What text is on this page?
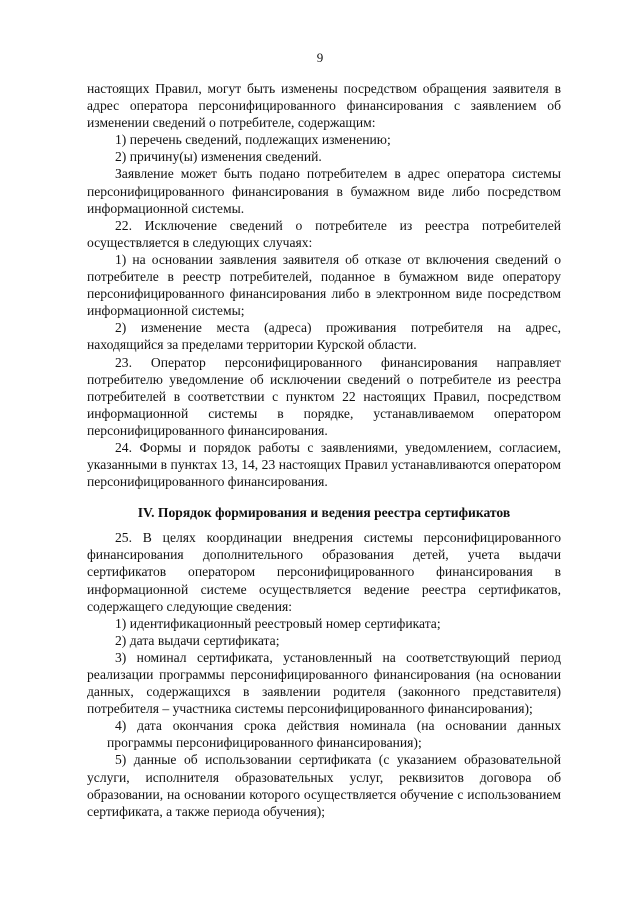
9

настоящих Правил, могут быть изменены посредством обращения заявителя в адрес оператора персонифицированного финансирования с заявлением об изменении сведений о потребителе, содержащим:

1) перечень сведений, подлежащих изменению;

2) причину(ы) изменения сведений.

Заявление может быть подано потребителем в адрес оператора системы персонифицированного финансирования в бумажном виде либо посредством информационной системы.

22. Исключение сведений о потребителе из реестра потребителей осуществляется в следующих случаях:

1) на основании заявления заявителя об отказе от включения сведений о потребителе в реестр потребителей, поданное в бумажном виде оператору персонифицированного финансирования либо в электронном виде посредством информационной системы;

2) изменение места (адреса) проживания потребителя на адрес, находящийся за пределами территории Курской области.

23. Оператор персонифицированного финансирования направляет потребителю уведомление об исключении сведений о потребителе из реестра потребителей в соответствии с пунктом 22 настоящих Правил, посредством информационной системы в порядке, устанавливаемом оператором персонифицированного финансирования.

24. Формы и порядок работы с заявлениями, уведомлением, согласием, указанными в пунктах 13, 14, 23 настоящих Правил устанавливаются оператором персонифицированного финансирования.

IV. Порядок формирования и ведения реестра сертификатов

25. В целях координации внедрения системы персонифицированного финансирования дополнительного образования детей, учета выдачи сертификатов оператором персонифицированного финансирования в информационной системе осуществляется ведение реестра сертификатов, содержащего следующие сведения:

1) идентификационный реестровый номер сертификата;

2) дата выдачи сертификата;

3) номинал сертификата, установленный на соответствующий период реализации программы персонифицированного финансирования (на основании данных, содержащихся в заявлении родителя (законного представителя) потребителя – участника системы персонифицированного финансирования);

4) дата окончания срока действия номинала (на основании данных программы персонифицированного финансирования);

5) данные об использовании сертификата (с указанием образовательной услуги, исполнителя образовательных услуг, реквизитов договора об образовании, на основании которого осуществляется обучение с использованием сертификата, а также периода обучения);
